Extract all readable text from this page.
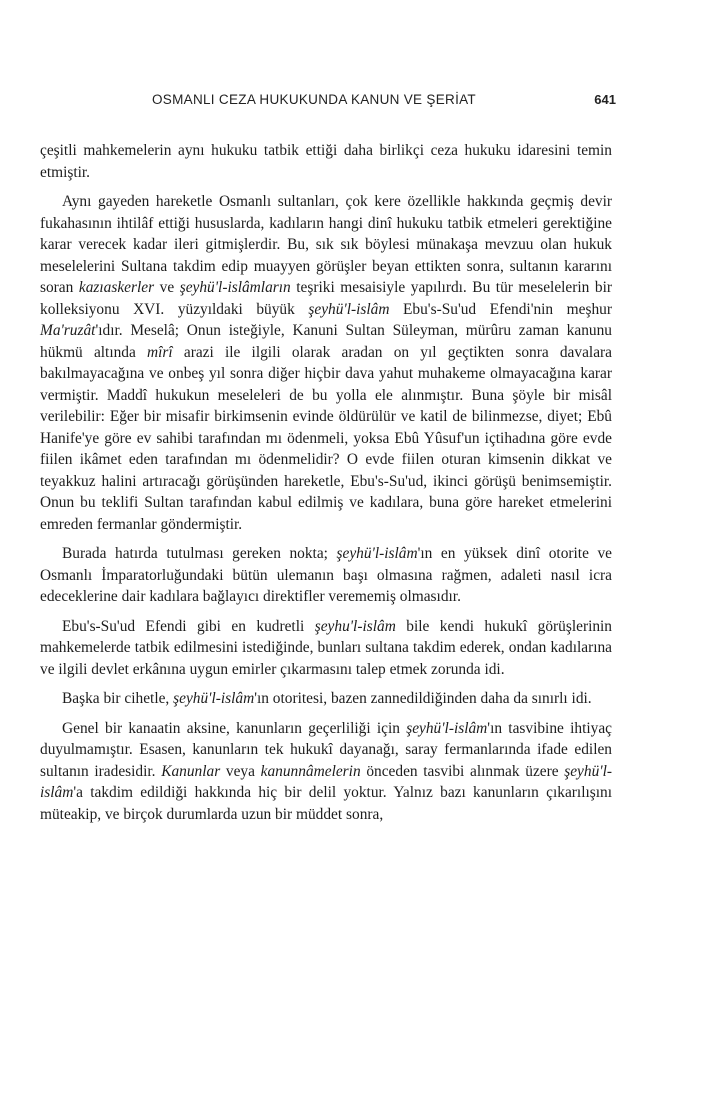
OSMANLI CEZA HUKUKUNDA KANUN VE ŞERİAT	641

çeşitli mahkemelerin aynı hukuku tatbik ettiği daha birlikçi ceza hukuku idaresini temin etmiştir.

Aynı gayeden hareketle Osmanlı sultanları, çok kere özellikle hakkında geçmiş devir fukahasının ihtilâf ettiği hususlarda, kadıların hangi dinî hukuku tatbik etmeleri gerektiğine karar verecek kadar ileri gitmişlerdir. Bu, sık sık böylesi münakaşa mevzuu olan hukuk meselelerini Sultana takdim edip muayyen görüşler beyan ettikten sonra, sultanın kararını soran kazıaskerler ve şeyhü'l-islâmların teşriki mesaisiyle yapılırdı. Bu tür meselelerin bir kolleksiyonu XVI. yüzyıldaki büyük şeyhü'l-islâm Ebu's-Su'ud Efendi'nin meşhur Ma'ruzât'ıdır. Meselâ; Onun isteğiyle, Kanuni Sultan Süleyman, mürûru zaman kanunu hükmü altında mîrî arazi ile ilgili olarak aradan on yıl geçtikten sonra davalara bakılmayacağına ve onbeş yıl sonra diğer hiçbir dava yahut muhakeme olmayacağına karar vermiştir. Maddî hukukun meseleleri de bu yolla ele alınmıştır. Buna şöyle bir misâl verilebilir: Eğer bir misafir birkimsenin evinde öldürülür ve katil de bilinmezse, diyet; Ebû Hanife'ye göre ev sahibi tarafından mı ödenmeli, yoksa Ebû Yûsuf'un içtihadına göre evde fiilen ikâmet eden tarafından mı ödenmelidir? O evde fiilen oturan kimsenin dikkat ve teyakkuz halini artıracağı görüşünden hareketle, Ebu's-Su'ud, ikinci görüşü benimsemiştir. Onun bu teklifi Sultan tarafından kabul edilmiş ve kadılara, buna göre hareket etmelerini emreden fermanlar göndermiştir.

Burada hatırda tutulması gereken nokta; şeyhü'l-islâm'ın en yüksek dinî otorite ve Osmanlı İmparatorluğundaki bütün ulemanın başı olmasına rağmen, adaleti nasıl icra edeceklerine dair kadılara bağlayıcı direktifler verememiş olmasıdır.

Ebu's-Su'ud Efendi gibi en kudretli şeyhu'l-islâm bile kendi hukukî görüşlerinin mahkemelerde tatbik edilmesini istediğinde, bunları sultana takdim ederek, ondan kadılarına ve ilgili devlet erkânına uygun emirler çıkarmasını talep etmek zorunda idi.

Başka bir cihetle, şeyhü'l-islâm'ın otoritesi, bazen zannedildiğinden daha da sınırlı idi.

Genel bir kanaatin aksine, kanunların geçerliliği için şeyhü'l-islâm'ın tasvibine ihtiyaç duyulmamıştır. Esasen, kanunların tek hukukî dayanağı, saray fermanlarında ifade edilen sultanın iradesidir. Kanunlar veya kanunnâmelerin önceden tasvibi alınmak üzere şeyhü'l-islâm'a takdim edildiği hakkında hiç bir delil yoktur. Yalnız bazı kanunların çıkarılışını müteakip, ve birçok durumlarda uzun bir müddet sonra,
